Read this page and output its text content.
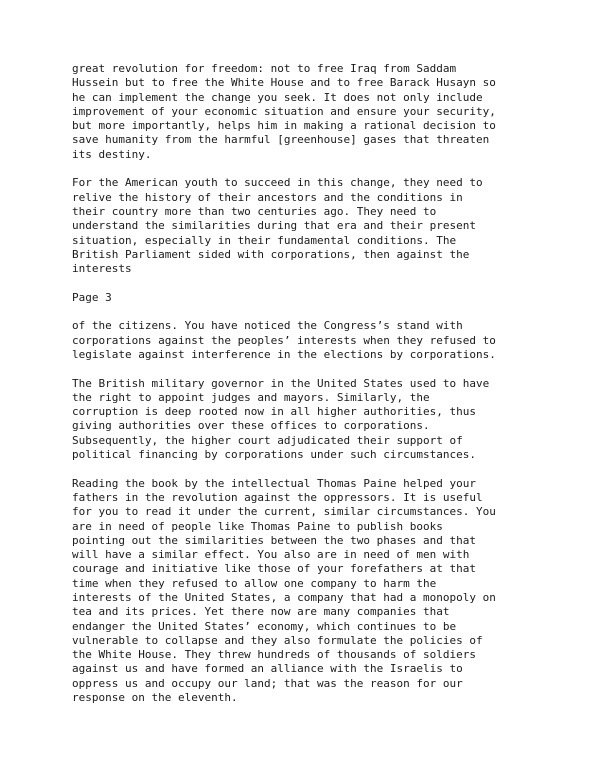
great revolution for freedom: not to free Iraq from Saddam
Hussein but to free the White House and to free Barack Husayn so
he can implement the change you seek. It does not only include
improvement of your economic situation and ensure your security,
but more importantly, helps him in making a rational decision to
save humanity from the harmful [greenhouse] gases that threaten
its destiny.

For the American youth to succeed in this change, they need to
relive the history of their ancestors and the conditions in
their country more than two centuries ago. They need to
understand the similarities during that era and their present
situation, especially in their fundamental conditions. The
British Parliament sided with corporations, then against the
interests

Page 3

of the citizens. You have noticed the Congress’s stand with
corporations against the peoples’ interests when they refused to
legislate against interference in the elections by corporations.

The British military governor in the United States used to have
the right to appoint judges and mayors. Similarly, the
corruption is deep rooted now in all higher authorities, thus
giving authorities over these offices to corporations.
Subsequently, the higher court adjudicated their support of
political financing by corporations under such circumstances.

Reading the book by the intellectual Thomas Paine helped your
fathers in the revolution against the oppressors. It is useful
for you to read it under the current, similar circumstances. You
are in need of people like Thomas Paine to publish books
pointing out the similarities between the two phases and that
will have a similar effect. You also are in need of men with
courage and initiative like those of your forefathers at that
time when they refused to allow one company to harm the
interests of the United States, a company that had a monopoly on
tea and its prices. Yet there now are many companies that
endanger the United States’ economy, which continues to be
vulnerable to collapse and they also formulate the policies of
the White House. They threw hundreds of thousands of soldiers
against us and have formed an alliance with the Israelis to
oppress us and occupy our land; that was the reason for our
response on the eleventh.
